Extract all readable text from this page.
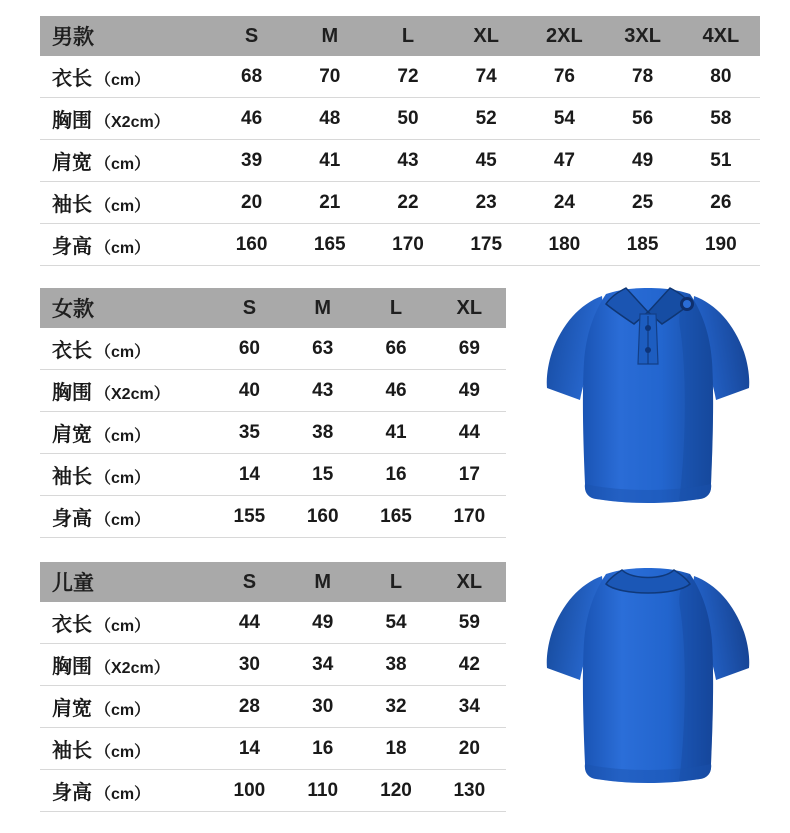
男款	S	M	L	XL	2XL	3XL	4XL
衣长 （cm）	68	70	72	74	76	78	80
胸围 （X2cm）	46	48	50	52	54	56	58
肩宽 （cm）	39	41	43	45	47	49	51
袖长 （cm）	20	21	22	23	24	25	26
身高 （cm）	160	165	170	175	180	185	190
女款	S	M	L	XL
衣长 （cm）	60	63	66	69
胸围 （X2cm）	40	43	46	49
肩宽 （cm）	35	38	41	44
袖长 （cm）	14	15	16	17
身高 （cm）	155	160	165	170
儿童	S	M	L	XL
衣长 （cm）	44	49	54	59
胸围 （X2cm）	30	34	38	42
肩宽 （cm）	28	30	32	34
袖长 （cm）	14	16	18	20
身高 （cm）	100	110	120	130
